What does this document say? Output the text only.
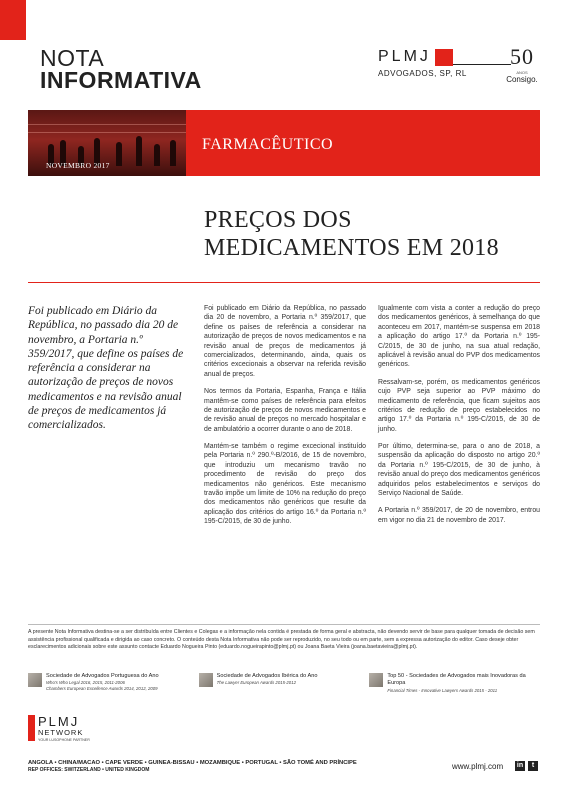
NOTA
INFORMATIVA
PLMJ
ADVOGADOS, SP, RL
50
ANOS
Consigo.
NOVEMBRO 2017
FARMACÊUTICO
PREÇOS DOS
MEDICAMENTOS EM 2018
Foi publicado em Diário da República, no passado dia 20 de novembro, a Portaria n.º 359/2017, que define os países de referência a considerar na autorização de preços de novos medicamentos e na revisão anual de preços de medicamentos já comercializados.

Foi publicado em Diário da República, no passado dia 20 de novembro, a Portaria n.º 359/2017, que define os países de referência a considerar na autorização de preços de novos medicamentos e na revisão anual de preços de medicamentos já comercializados, determinando, ainda, quais os critérios excecionais a observar na referida revisão anual de preços.

Nos termos da Portaria, Espanha, França e Itália mantêm-se como países de referência para efeitos de autorização de preços de novos medicamentos e de revisão anual de preços no mercado hospitalar e de ambulatório a ocorrer durante o ano de 2018.

Mantém-se também o regime excecional instituído pela Portaria n.º 290.º-B/2016, de 15 de novembro, que introduziu um mecanismo travão no procedimento de revisão do preço dos medicamentos não genéricos. Este mecanismo travão impõe um limite de 10% na redução do preço dos medicamentos não genéricos que resulte da aplicação dos critérios do artigo 16.º da Portaria n.º 195-C/2015, de 30 de junho.

Igualmente com vista a conter a redução do preço dos medicamentos genéricos, à semelhança do que aconteceu em 2017, mantém-se suspensa em 2018 a aplicação do artigo 17.º da Portaria n.º 195-C/2015, de 30 de junho, na sua atual redação, aplicável à revisão anual do PVP dos medicamentos genéricos.

Ressalvam-se, porém, os medicamentos genéricos cujo PVP seja superior ao PVP máximo do medicamento de referência, que ficam sujeitos aos critérios de redução de preço estabelecidos no artigo 17.º da Portaria n.º 195-C/2015, de 30 de junho.

Por último, determina-se, para o ano de 2018, a suspensão da aplicação do disposto no artigo 20.º da Portaria n.º 195-C/2015, de 30 de junho, à revisão anual do preço dos medicamentos genéricos adquiridos pelos estabelecimentos e serviços do Serviço Nacional de Saúde.

A Portaria n.º 359/2017, de 20 de novembro, entrou em vigor no dia 21 de novembro de 2017.

A presente Nota Informativa destina-se a ser distribuída entre Clientes e Colegas e a informação nela contida é prestada de forma geral e abstracta, não devendo servir de base para qualquer tomada de decisão sem assistência profissional qualificada e dirigida ao caso concreto. O conteúdo desta Nota Informativa não pode ser reproduzido, no seu todo ou em parte, sem a expressa autorização do editor. Caso deseje obter esclarecimentos adicionais sobre este assunto contacte Eduardo Nogueira Pinto (eduardo.nogueirapinto@plmj.pt) ou Joana Baeta Vieira (joana.baetavieira@plmj.pt).
Sociedade de Advogados Portuguesa do Ano
Who's Who Legal 2016, 2015, 2011-2006
Chambers European Excellence Awards 2014, 2012, 2009
Sociedade de Advogados Ibérica do Ano
The Lawyer European Awards 2015-2012
Top 50 - Sociedades de Advogados mais Inovadoras da Europa
Financial Times - Innovative Lawyers Awards 2015 - 2011
PLMJ
NETWORK
YOUR LUSOPHONE PARTNER
ANGOLA • CHINA/MACAO • CAPE VERDE • GUINEA-BISSAU • MOZAMBIQUE • PORTUGAL • SÃO TOMÉ AND PRÍNCIPE
REP OFFICES: SWITZERLAND • UNITED KINGDOM	www.plmj.com in	t
